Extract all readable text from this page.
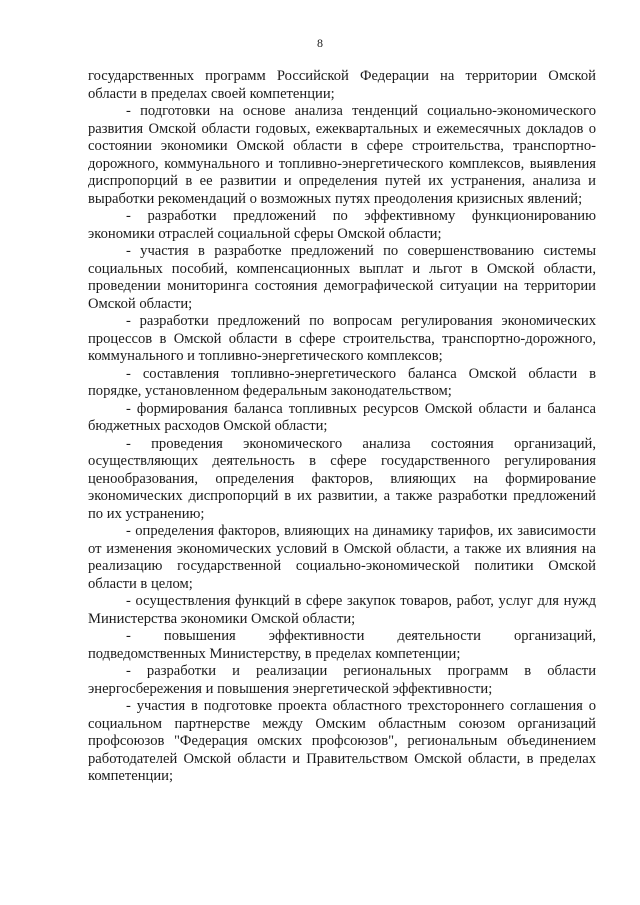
8

государственных программ Российской Федерации на территории Омской области в пределах своей компетенции;

- подготовки на основе анализа тенденций социально-экономического развития Омской области годовых, ежеквартальных и ежемесячных докладов о состоянии экономики Омской области в сфере строительства, транспортно-дорожного, коммунального и топливно-энергетического комплексов, выявления диспропорций в ее развитии и определения путей их устранения, анализа и выработки рекомендаций о возможных путях преодоления кризисных явлений;

- разработки предложений по эффективному функционированию экономики отраслей социальной сферы Омской области;

- участия в разработке предложений по совершенствованию системы социальных пособий, компенсационных выплат и льгот в Омской области, проведении мониторинга состояния демографической ситуации на территории Омской области;

- разработки предложений по вопросам регулирования экономических процессов в Омской области в сфере строительства, транспортно-дорожного, коммунального и топливно-энергетического комплексов;

- составления топливно-энергетического баланса Омской области в порядке, установленном федеральным законодательством;

- формирования баланса топливных ресурсов Омской области и баланса бюджетных расходов Омской области;

- проведения экономического анализа состояния организаций, осуществляющих деятельность в сфере государственного регулирования ценообразования, определения факторов, влияющих на формирование экономических диспропорций в их развитии, а также разработки предложений по их устранению;

- определения факторов, влияющих на динамику тарифов, их зависимости от изменения экономических условий в Омской области, а также их влияния на реализацию государственной социально-экономической политики Омской области в целом;

- осуществления функций в сфере закупок товаров, работ, услуг для нужд Министерства экономики Омской области;

- повышения эффективности деятельности организаций, подведомственных Министерству, в пределах компетенции;

- разработки и реализации региональных программ в области энергосбережения и повышения энергетической эффективности;

- участия в подготовке проекта областного трехстороннего соглашения о социальном партнерстве между Омским областным союзом организаций профсоюзов "Федерация омских профсоюзов", региональным объединением работодателей Омской области и Правительством Омской области, в пределах компетенции;
